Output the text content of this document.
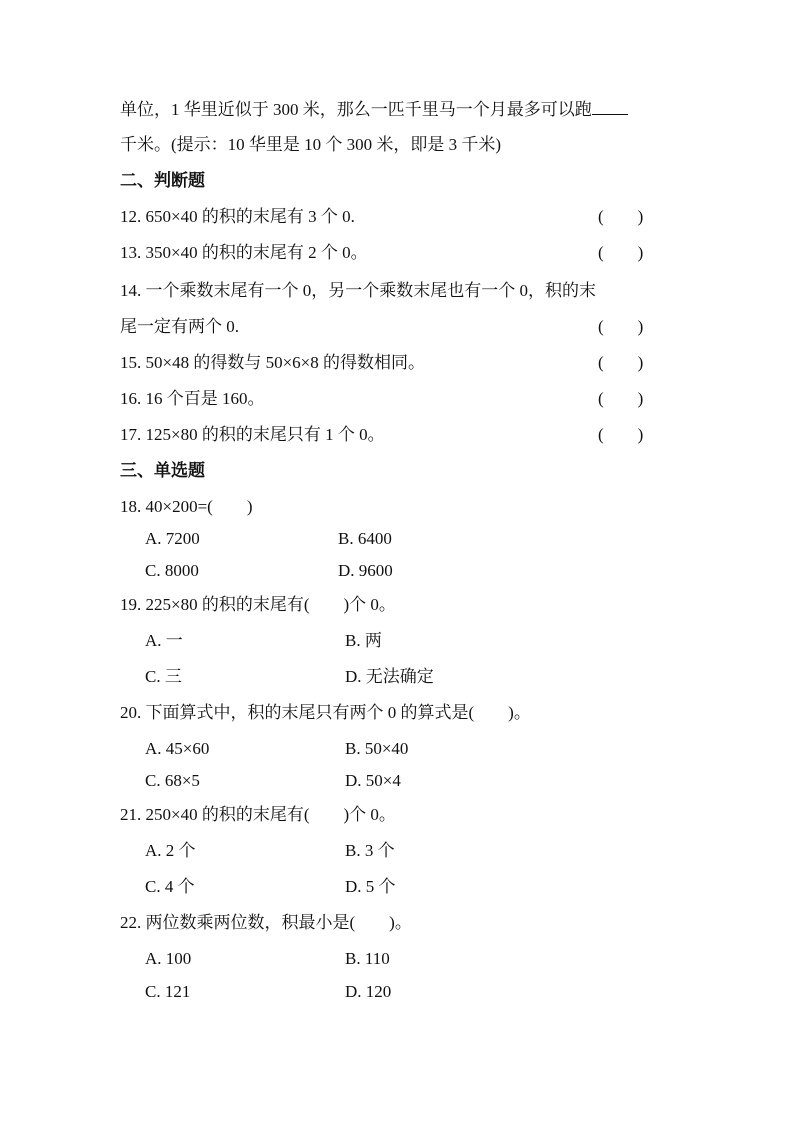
单位，1 华里近似于 300 米，那么一匹千里马一个月最多可以跑
千米。(提示：10 华里是 10 个 300 米，即是 3 千米)
二、判断题
12. 650×40 的积的末尾有 3 个 0.	(　　)
13. 350×40 的积的末尾有 2 个 0。	(　　)
14. 一个乘数末尾有一个 0，另一个乘数末尾也有一个 0，积的末
尾一定有两个 0.	(　　)
15. 50×48 的得数与 50×6×8 的得数相同。	(　　)
16. 16 个百是 160。	(　　)
17. 125×80 的积的末尾只有 1 个 0。	(　　)
三、单选题
18. 40×200=(　　)
A. 7200	B. 6400
C. 8000	D. 9600
19. 225×80 的积的末尾有(　　)个 0。
A. 一	B. 两
C. 三	D. 无法确定
20. 下面算式中，积的末尾只有两个 0 的算式是(　　)。
A. 45×60	B. 50×40
C. 68×5	D. 50×4
21. 250×40 的积的末尾有(　　)个 0。
A. 2 个	B. 3 个
C. 4 个	D. 5 个
22. 两位数乘两位数，积最小是(　　)。
A. 100	B. 110
C. 121	D. 120
